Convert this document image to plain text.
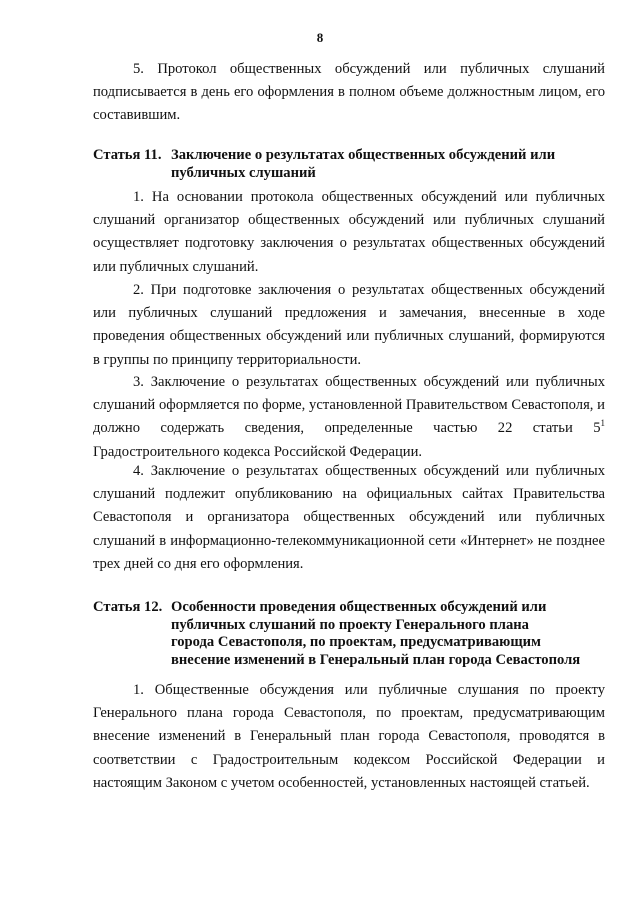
8

5. Протокол общественных обсуждений или публичных слушаний подписывается в день его оформления в полном объеме должностным лицом, его составившим.

Статья 11. Заключение о результатах общественных обсуждений или
публичных слушаний

1. На основании протокола общественных обсуждений или публичных слушаний организатор общественных обсуждений или публичных слушаний осуществляет подготовку заключения о результатах общественных обсуждений или публичных слушаний.

2. При подготовке заключения о результатах общественных обсуждений или публичных слушаний предложения и замечания, внесенные в ходе проведения общественных обсуждений или публичных слушаний, формируются в группы по принципу территориальности.

3. Заключение о результатах общественных обсуждений или публичных слушаний оформляется по форме, установленной Правительством Севастополя, и должно содержать сведения, определенные частью 22 статьи $5^1$ Градостроительного кодекса Российской Федерации.

4. Заключение о результатах общественных обсуждений или публичных слушаний подлежит опубликованию на официальных сайтах Правительства Севастополя и организатора общественных обсуждений или публичных слушаний в информационно-телекоммуникационной сети «Интернет» не позднее трех дней со дня его оформления.

Статья 12. Особенности проведения общественных обсуждений или
публичных слушаний по проекту Генерального плана
города Севастополя, по проектам, предусматривающим
внесение изменений в Генеральный план города Севастополя

1. Общественные обсуждения или публичные слушания по проекту Генерального плана города Севастополя, по проектам, предусматривающим внесение изменений в Генеральный план города Севастополя, проводятся в соответствии с Градостроительным кодексом Российской Федерации и настоящим Законом с учетом особенностей, установленных настоящей статьей.
